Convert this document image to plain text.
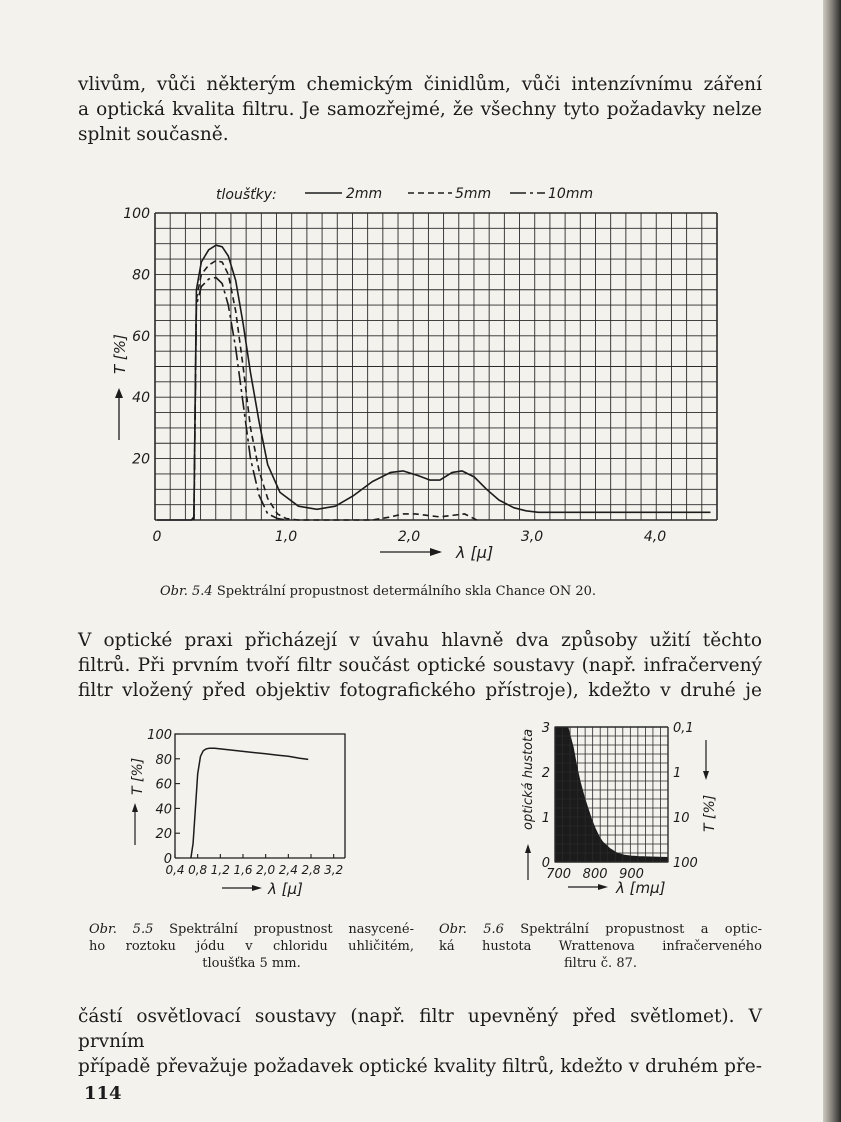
vlivům, vůči některým chemickým činidlům, vůči intenzívnímu záření
a optická kvalita filtru. Je samozřejmé, že všechny tyto požadavky nelze
splnit současně.
tloušťky:	2mm	5mm	10mm
100
80
60
40
20
0	1,0	2,0	3,0	4,0
T [%]
λ [μ]
Obr. 5.4 Spektrální propustnost determálního skla Chance ON 20.
V optické praxi přicházejí v úvahu hlavně dva způsoby užití těchto
filtrů. Při prvním tvoří filtr součást optické soustavy (např. infračervený
filtr vložený před objektiv fotografického přístroje), kdežto v druhé je
100
80
60
40
20
0
0,4 0,8 1,2 1,6 2,0 2,4 2,8 3,2
T [%]
λ [μ]
3
2
1
0
0,1
1
10
100
700 800 900
optická hustota	T [%]
λ [mμ]
Obr. 5.5 Spektrální propustnost nasycené-
ho roztoku jódu v chloridu uhličitém,
tloušťka 5 mm.
Obr. 5.6 Spektrální propustnost a optic-
ká hustota Wrattenova infračerveného
filtru č. 87.
částí osvětlovací soustavy (např. filtr upevněný před světlomet). V prvním
případě převažuje požadavek optické kvality filtrů, kdežto v druhém pře-
114
